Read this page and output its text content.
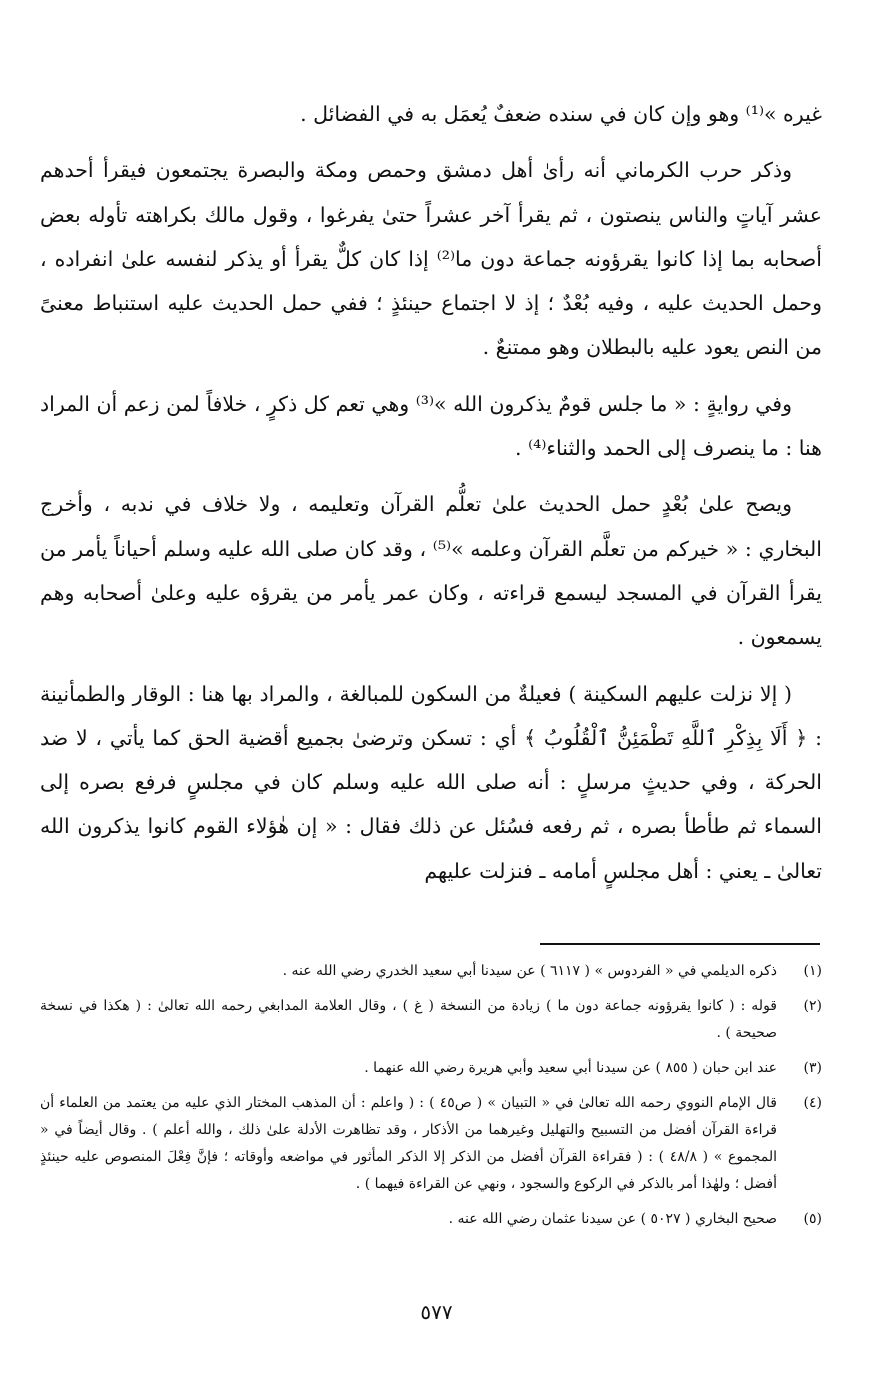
غيره »⁽¹⁾ وهو وإن كان في سنده ضعفٌ يُعمَل به في الفضائل .

وذكر حرب الكرماني أنه رأىٰ أهل دمشق وحمص ومكة والبصرة يجتمعون فيقرأ أحدهم عشر آياتٍ والناس ينصتون ، ثم يقرأ آخر عشراً حتىٰ يفرغوا ، وقول مالك بكراهته تأوله بعض أصحابه بما إذا كانوا يقرؤونه جماعة دون ما⁽²⁾ إذا كان كلٌّ يقرأ أو يذكر لنفسه علىٰ انفراده ، وحمل الحديث عليه ، وفيه بُعْدٌ ؛ إذ لا اجتماع حينئذٍ ؛ ففي حمل الحديث عليه استنباط معنىً من النص يعود عليه بالبطلان وهو ممتنعٌ .

وفي روايةٍ : « ما جلس قومٌ يذكرون الله »⁽³⁾ وهي تعم كل ذكرٍ ، خلافاً لمن زعم أن المراد هنا : ما ينصرف إلى الحمد والثناء⁽⁴⁾ .

ويصح علىٰ بُعْدٍ حمل الحديث علىٰ تعلُّم القرآن وتعليمه ، ولا خلاف في ندبه ، وأخرج البخاري : « خيركم من تعلَّم القرآن وعلمه »⁽⁵⁾ ، وقد كان صلى الله عليه وسلم أحياناً يأمر من يقرأ القرآن في المسجد ليسمع قراءته ، وكان عمر يأمر من يقرؤه عليه وعلىٰ أصحابه وهم يسمعون .

( إلا نزلت عليهم السكينة ) فعيلةٌ من السكون للمبالغة ، والمراد بها هنا : الوقار والطمأنينة : ﴿ أَلَا بِذِكْرِ ٱللَّهِ تَطْمَئِنُّ ٱلْقُلُوبُ ﴾ أي : تسكن وترضىٰ بجميع أقضية الحق كما يأتي ، لا ضد الحركة ، وفي حديثٍ مرسلٍ : أنه صلى الله عليه وسلم كان في مجلسٍ فرفع بصره إلى السماء ثم طأطأ بصره ، ثم رفعه فسُئل عن ذلك فقال : « إن هٰؤلاء القوم كانوا يذكرون الله تعالىٰ ـ يعني : أهل مجلسٍ أمامه ـ فنزلت عليهم

(١)
ذكره الديلمي في « الفردوس » ( ٦١١٧ ) عن سيدنا أبي سعيد الخدري رضي الله عنه .
(٢)
قوله : ( كانوا يقرؤونه جماعة دون ما ) زيادة من النسخة ( غ ) ، وقال العلامة المدابغي رحمه الله تعالىٰ : ( هكذا في نسخة صحيحة ) .
(٣)
عند ابن حبان ( ٨٥٥ ) عن سيدنا أبي سعيد وأبي هريرة رضي الله عنهما .
(٤)
قال الإمام النووي رحمه الله تعالىٰ في « التبيان » ( ص٤٥ ) : ( واعلم : أن المذهب المختار الذي عليه من يعتمد من العلماء أن قراءة القرآن أفضل من التسبيح والتهليل وغيرهما من الأذكار ، وقد تظاهرت الأدلة علىٰ ذلك ، والله أعلم ) . وقال أيضاً في « المجموع » ( ٤٨/٨ ) : ( فقراءة القرآن أفضل من الذكر إلا الذكر المأثور في مواضعه وأوقاته ؛ فإنَّ فِعْلَ المنصوص عليه حينئذٍ أفضل ؛ ولهٰذا أمر بالذكر في الركوع والسجود ، ونهي عن القراءة فيهما ) .
(٥)
صحيح البخاري ( ٥٠٢٧ ) عن سيدنا عثمان رضي الله عنه .
٥٧٧
